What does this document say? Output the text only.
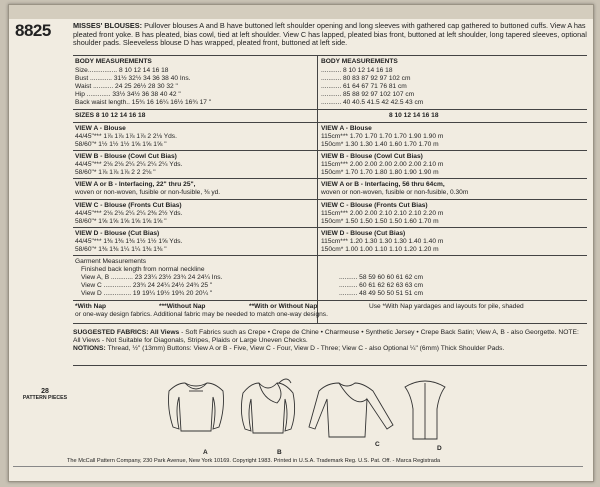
8825	MISSES' BLOUSES: Pullover blouses A and B have buttoned left shoulder opening and long sleeves with gathered cap gathered to buttoned cuffs. View A has pleated front yoke. B has pleated, bias cowl, tied at left shoulder. View C has lapped, pleated bias front, buttoned at left shoulder, long tapered sleeves, optional shoulder pads. Sleeveless blouse D has wrapped, pleated front, buttoned at left side.
BODY MEASUREMENTS
Size................ 8 10 12 14 16 18
Bust ............ 31½ 32½ 34 36 38 40 Ins.
Waist ........... 24 25 26½ 28 30 32 "
Hip ............. 33½ 34½ 36 38 40 42 "
Back waist length.. 15¾ 16 16¼ 16½ 16¾ 17 "
SIZES 8 10 12 14 16 18
VIEW A - Blouse
44/45"*** 1⅞ 1⅞ 1⅞ 1⅞ 2 2⅛ Yds.
58/60"* 1½ 1½ 1½ 1⅝ 1⅝ 1⅝ "
VIEW B - Blouse (Cowl Cut Bias)
44/45"*** 2⅛ 2⅛ 2¼ 2¼ 2¼ 2¼ Yds.
58/60"* 1⅞ 1⅞ 1⅞ 2 2 2⅛ "
VIEW A or B - Interfacing, 22" thru 25",
woven or non-woven, fusible or non-fusible, ⅜ yd.
VIEW C - Blouse (Fronts Cut Bias)
44/45"*** 2⅛ 2⅛ 2¼ 2¼ 2⅜ 2½ Yds.
58/60"* 1⅝ 1⅝ 1⅝ 1⅝ 1⅝ 1⅝ "
VIEW D - Blouse (Cut Bias)
44/45"*** 1⅜ 1⅜ 1⅜ 1½ 1½ 1⅝ Yds.
58/60"* 1⅜ 1⅜ 1¼ 1¼ 1⅜ 1⅜ "
Garment Measurements
Finished back length from normal neckline
View A, B ............ 23 23¼ 23½ 23¾ 24 24¼ Ins.
View C ............... 23¾ 24 24¼ 24½ 24¾ 25 "
View D ............... 19 19¼ 19½ 19¾ 20 20¼ "
*With Nap	***Without Nap	**With or Without Nap
or one-way design fabrics. Additional fabric may be needed to match one-way designs.
BODY MEASUREMENTS
........... 8 10 12 14 16 18
........... 80 83 87 92 97 102 cm
........... 61 64 67 71 76 81 cm
........... 85 88 92 97 102 107 cm
........... 40 40.5 41.5 42 42.5 43 cm
8 10 12 14 16 18
VIEW A - Blouse
115cm*** 1.70 1.70 1.70 1.70 1.90 1.90 m
150cm* 1.30 1.30 1.40 1.60 1.70 1.70 m
VIEW B - Blouse (Cowl Cut Bias)
115cm*** 2.00 2.00 2.00 2.00 2.00 2.10 m
150cm* 1.70 1.70 1.80 1.80 1.90 1.90 m
VIEW A or B - Interfacing, 56 thru 64cm,
woven or non-woven, fusible or non-fusible, 0.30m
VIEW C - Blouse (Fronts Cut Bias)
115cm*** 2.00 2.00 2.10 2.10 2.10 2.20 m
150cm* 1.50 1.50 1.50 1.50 1.60 1.70 m
VIEW D - Blouse (Cut Bias)
115cm*** 1.20 1.30 1.30 1.30 1.40 1.40 m
150cm* 1.00 1.00 1.10 1.10 1.20 1.20 m
.......... 58 59 60 60 61 62 cm
.......... 60 61 62 62 63 63 cm
.......... 48 49 50 50 51 51 cm
Use *With Nap yardages and layouts for pile, shaded
SUGGESTED FABRICS: All Views - Soft Fabrics such as Crepe • Crepe de Chine • Charmeuse • Synthetic Jersey • Crepe Back Satin; View A, B - also Georgette. NOTE: All Views - Not Suitable for Diagonals, Stripes, Plaids or Large Uneven Checks.
NOTIONS: Thread, ½" (13mm) Buttons: View A or B - Five, View C - Four, View D - Three; View C - also Optional ¼" (6mm) Thick Shoulder Pads.
28
PATTERN PIECES
A	B
C
D
The McCall Pattern Company, 230 Park Avenue, New York 10169. Copyright 1983. Printed in U.S.A. Trademark Reg. U.S. Pat. Off. - Marca Registrada
